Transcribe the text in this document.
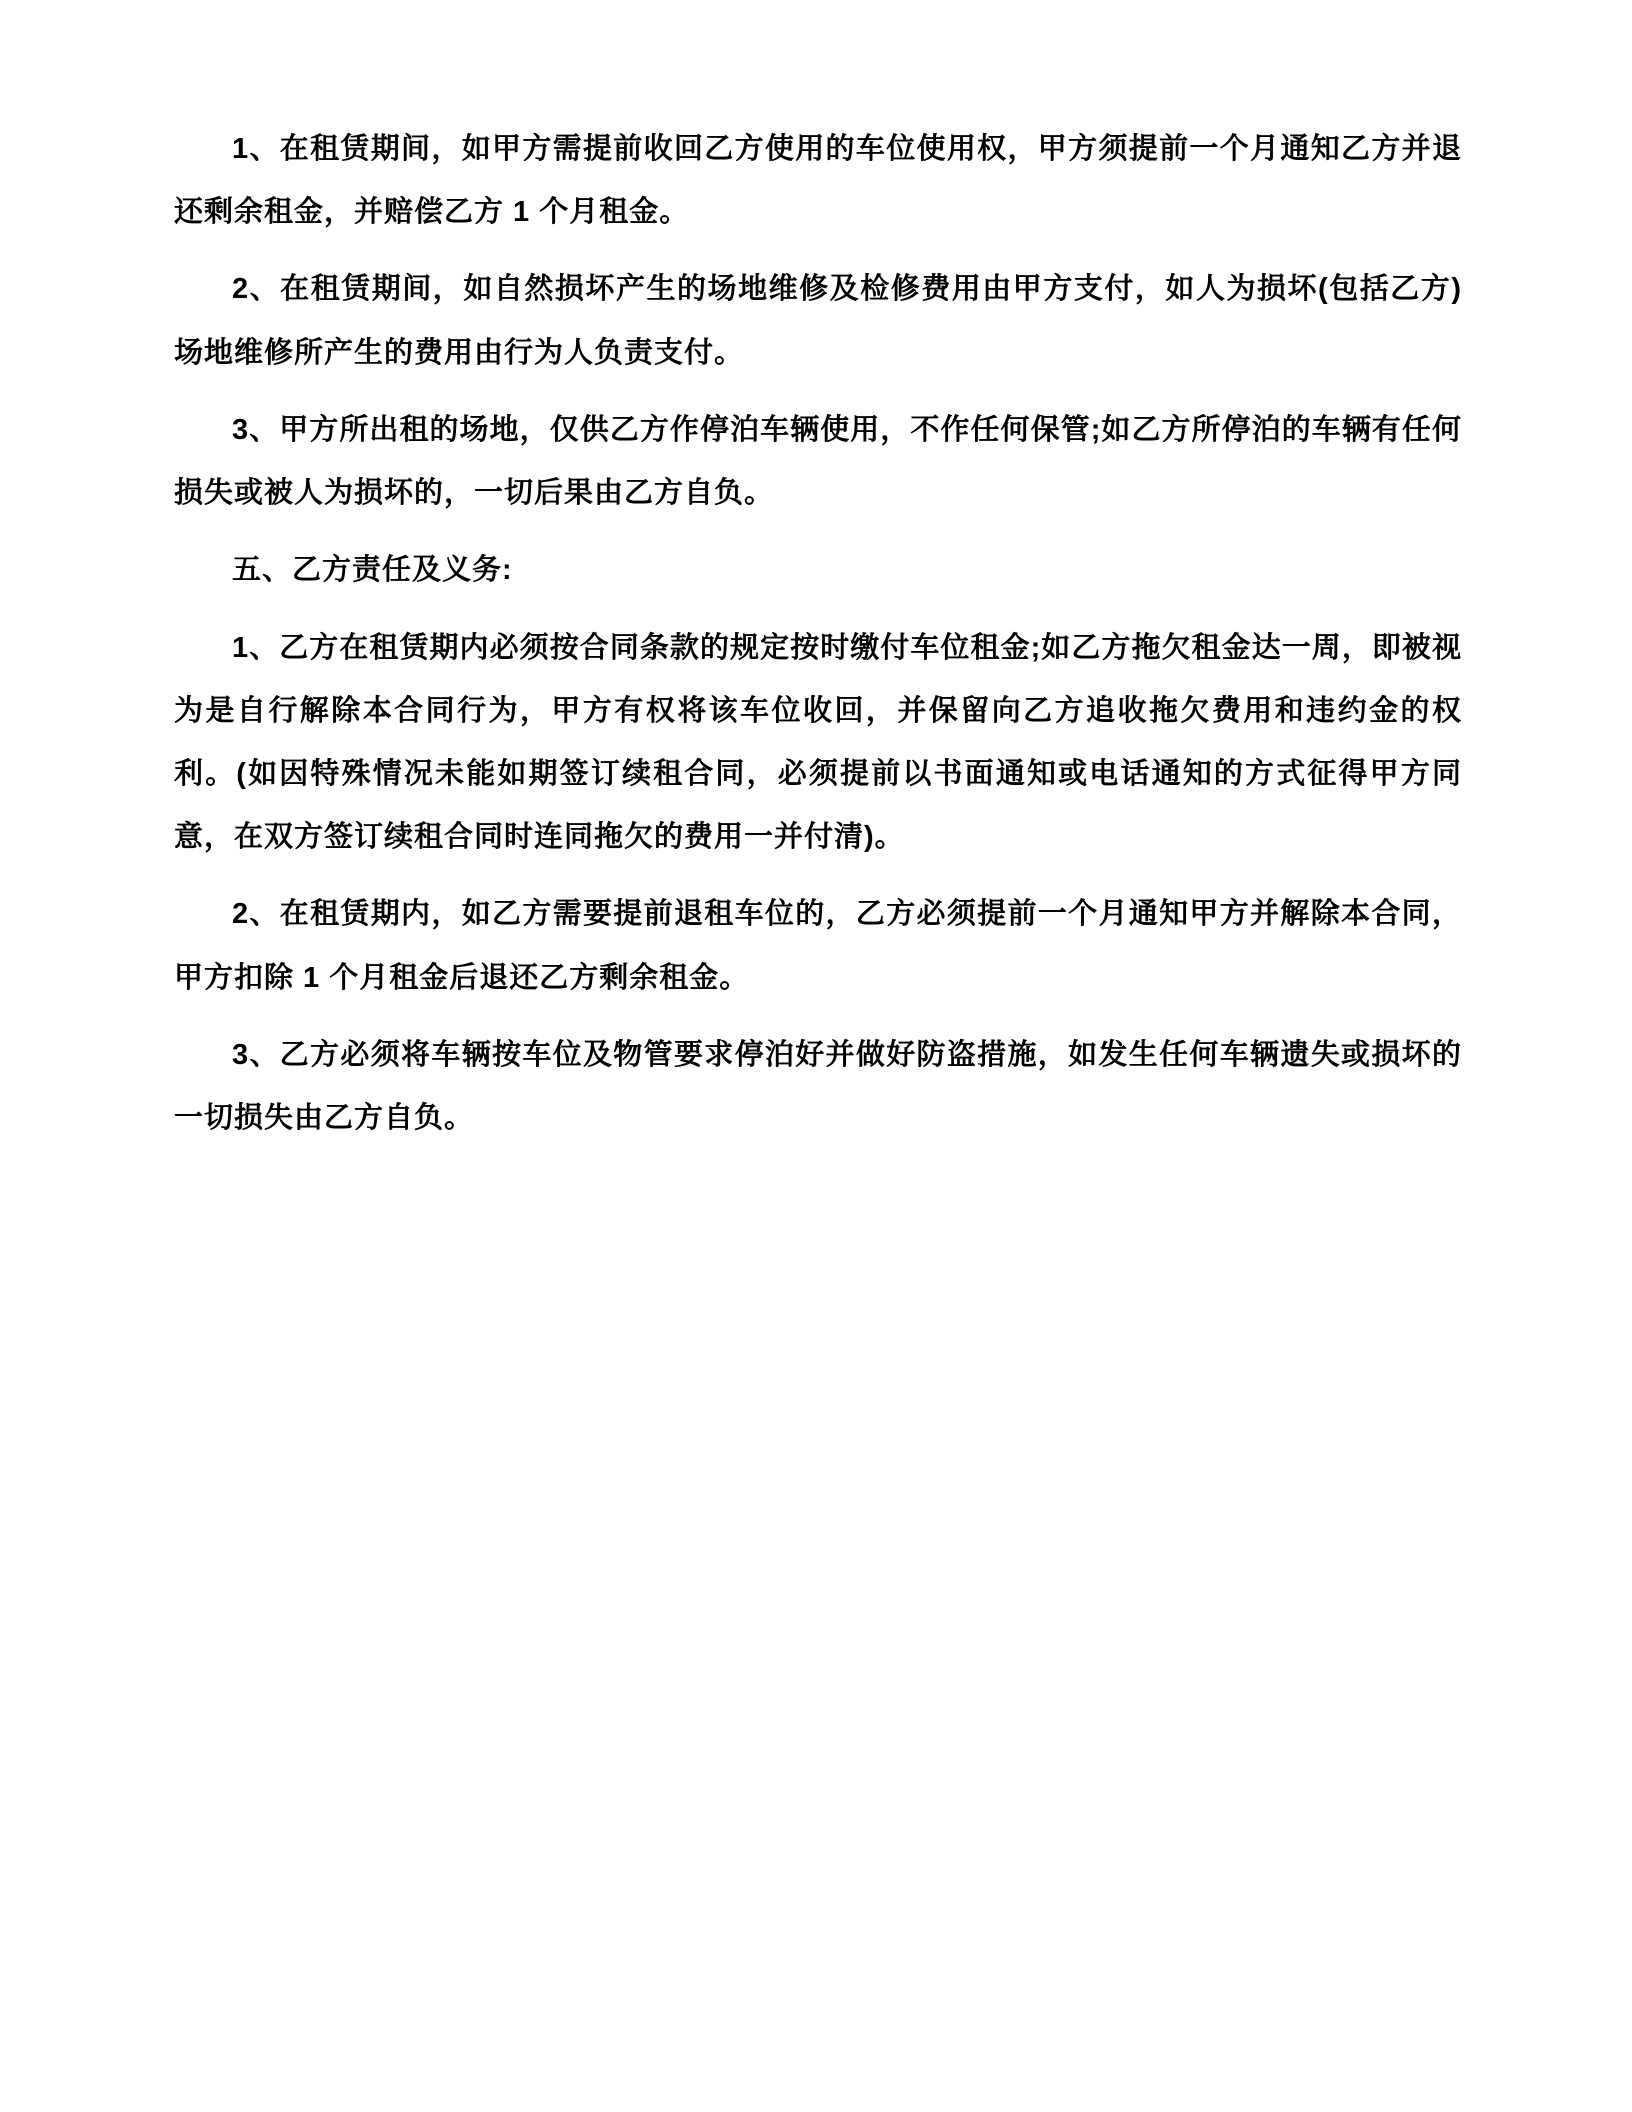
1、在租赁期间，如甲方需提前收回乙方使用的车位使用权，甲方须提前一个月通知乙方并退还剩余租金，并赔偿乙方 1 个月租金。

2、在租赁期间，如自然损坏产生的场地维修及检修费用由甲方支付，如人为损坏(包括乙方)场地维修所产生的费用由行为人负责支付。

3、甲方所出租的场地，仅供乙方作停泊车辆使用，不作任何保管;如乙方所停泊的车辆有任何损失或被人为损坏的，一切后果由乙方自负。

五、乙方责任及义务:

1、乙方在租赁期内必须按合同条款的规定按时缴付车位租金;如乙方拖欠租金达一周，即被视为是自行解除本合同行为，甲方有权将该车位收回，并保留向乙方追收拖欠费用和违约金的权利。(如因特殊情况未能如期签订续租合同，必须提前以书面通知或电话通知的方式征得甲方同意，在双方签订续租合同时连同拖欠的费用一并付清)。

2、在租赁期内，如乙方需要提前退租车位的，乙方必须提前一个月通知甲方并解除本合同，甲方扣除 1 个月租金后退还乙方剩余租金。

3、乙方必须将车辆按车位及物管要求停泊好并做好防盗措施，如发生任何车辆遗失或损坏的一切损失由乙方自负。
